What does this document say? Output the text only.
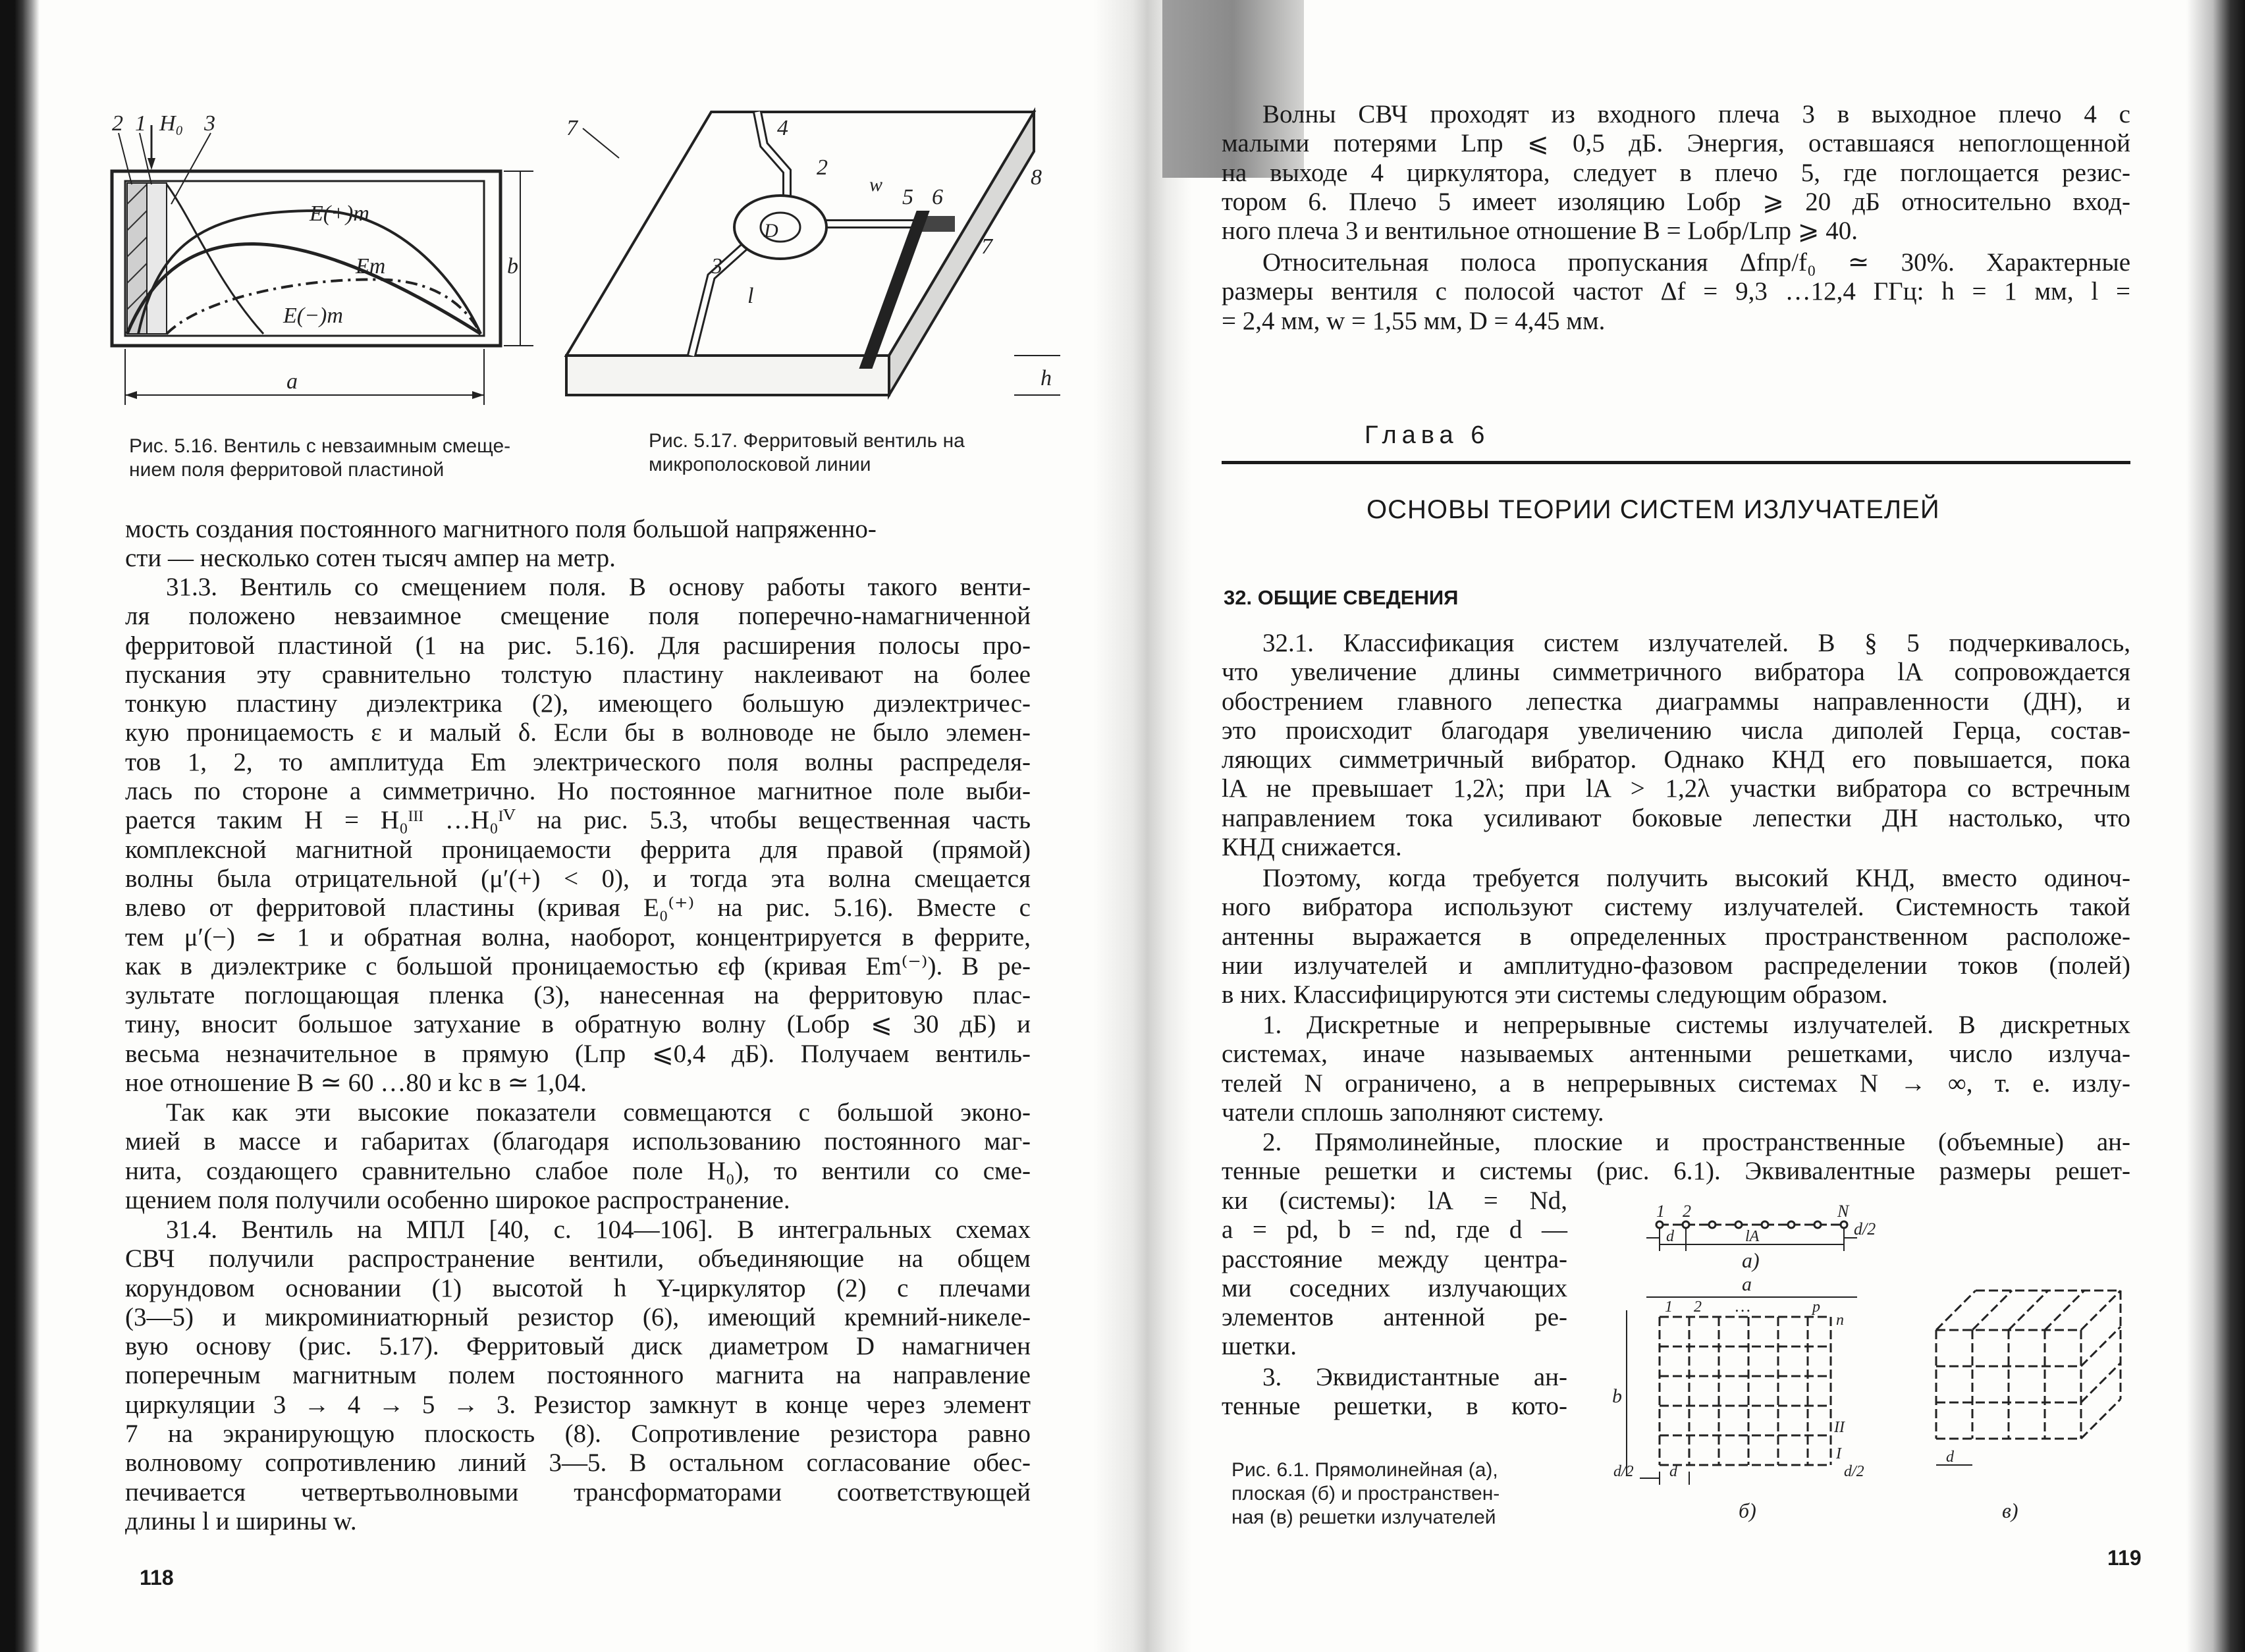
2 1 H₀ 3
E(+)m
Em
E(−)m
b
a
7	4
2
w
5 6
8
7
3
D
l
h

Рис. 5.16. Вентиль с невзаимным смеще-
нием поля ферритовой пластиной

Рис. 5.17. Ферритовый вентиль на
микрополосковой линии

мость создания постоянного магнитного поля большой напряженно-
сти — несколько сотен тысяч ампер на метр.
31.3. Вентиль со смещением поля. В основу работы такого венти-
ля положено невзаимное смещение поля поперечно-намагниченной
ферритовой пластиной (1 на рис. 5.16). Для расширения полосы про-
пускания эту сравнительно толстую пластину наклеивают на более
тонкую пластину диэлектрика (2), имеющего большую диэлектричес-
кую проницаемость ε и малый δ. Если бы в волноводе не было элемен-
тов 1, 2, то амплитуда Em электрического поля волны распределя-
лась по стороне a симметрично. Но постоянное магнитное поле выби-
рается таким H = H₀ᴵᴵᴵ …H₀ᴵⱽ на рис. 5.3, чтобы вещественная часть
комплексной магнитной проницаемости феррита для правой (прямой)
волны была отрицательной (μ′(+) < 0), и тогда эта волна смещается
влево от ферритовой пластины (кривая E₀⁽⁺⁾ на рис. 5.16). Вместе с
тем μ′(−) ≃ 1 и обратная волна, наоборот, концентрируется в феррите,
как в диэлектрике с большой проницаемостью εф (кривая Em⁽⁻⁾). В ре-
зультате поглощающая пленка (3), нанесенная на ферритовую плас-
тину, вносит большое затухание в обратную волну (Lобр ⩽ 30 дБ) и
весьма незначительное в прямую (Lпр ⩽0,4 дБ). Получаем вентиль-
ное отношение B ≃ 60 …80 и kс в ≃ 1,04.
Так как эти высокие показатели совмещаются с большой эконо-
мией в массе и габаритах (благодаря использованию постоянного маг-
нита, создающего сравнительно слабое поле H₀), то вентили со сме-
щением поля получили особенно широкое распространение.
31.4. Вентиль на МПЛ [40, с. 104—106]. В интегральных схемах
СВЧ получили распространение вентили, объединяющие на общем
корундовом основании (1) высотой h Y-циркулятор (2) с плечами
(3—5) и микроминиатюрный резистор (6), имеющий кремний-никеле-
вую основу (рис. 5.17). Ферритовый диск диаметром D намагничен
поперечным магнитным полем постоянного магнита на направление
циркуляции 3 → 4 → 5 → 3. Резистор замкнут в конце через элемент
7 на экранирующую плоскость (8). Сопротивление резистора равно
волновому сопротивлению линий 3—5. В остальном согласование обес-
печивается четвертьволновыми трансформаторами соответствующей
длины l и ширины w.
118
Волны СВЧ проходят из входного плеча 3 в выходное плечо 4 с
малыми потерями Lпр ⩽ 0,5 дБ. Энергия, оставшаяся непоглощенной
на выходе 4 циркулятора, следует в плечо 5, где поглощается резис-
тором 6. Плечо 5 имеет изоляцию Lобр ⩾ 20 дБ относительно вход-
ного плеча 3 и вентильное отношение B = Lобр/Lпр ⩾ 40.
Относительная полоса пропускания Δfпр/f₀ ≃ 30%. Характерные
размеры вентиля с полосой частот Δf = 9,3 …12,4 ГГц: h = 1 мм, l =
= 2,4 мм, w = 1,55 мм, D = 4,45 мм.
Глава 6
ОСНОВЫ ТЕОРИИ СИСТЕМ ИЗЛУЧАТЕЛЕЙ
32. ОБЩИЕ СВЕДЕНИЯ
32.1. Классификация систем излучателей. В § 5 подчеркивалось,
что увеличение длины симметричного вибратора lA сопровождается
обострением главного лепестка диаграммы направленности (ДН), и
это происходит благодаря увеличению числа диполей Герца, состав-
ляющих симметричный вибратор. Однако КНД его повышается, пока
lA не превышает 1,2λ; при lA > 1,2λ участки вибратора со встречным
направлением тока усиливают боковые лепестки ДН настолько, что
КНД снижается.
Поэтому, когда требуется получить высокий КНД, вместо одиноч-
ного вибратора используют систему излучателей. Системность такой
антенны выражается в определенных пространственном расположе-
нии излучателей и амплитудно-фазовом распределении токов (полей)
в них. Классифицируются эти системы следующим образом.
1. Дискретные и непрерывные системы излучателей. В дискретных
системах, иначе называемых антенными решетками, число излуча-
телей N ограничено, а в непрерывных системах N → ∞, т. е. излу-
чатели сплошь заполняют систему.
2. Прямолинейные, плоские и пространственные (объемные) ан-
тенные решетки и системы (рис. 6.1). Эквивалентные размеры решет-
ки (системы): lA = Nd,
a = pd, b = nd, где d —
расстояние между центра-
ми соседних излучающих
элементов антенной ре-
шетки.
3. Эквидистантные ан-
тенные решетки, в кото-

Рис. 6.1. Прямолинейная (a),
плоская (б) и пространствен-
ная (в) решетки излучателей

1 2	N
d	lA	d/2
а)
a
b
1 2 …	p
n
II
I
d/2 d	d/2
б)
d
в)
119
